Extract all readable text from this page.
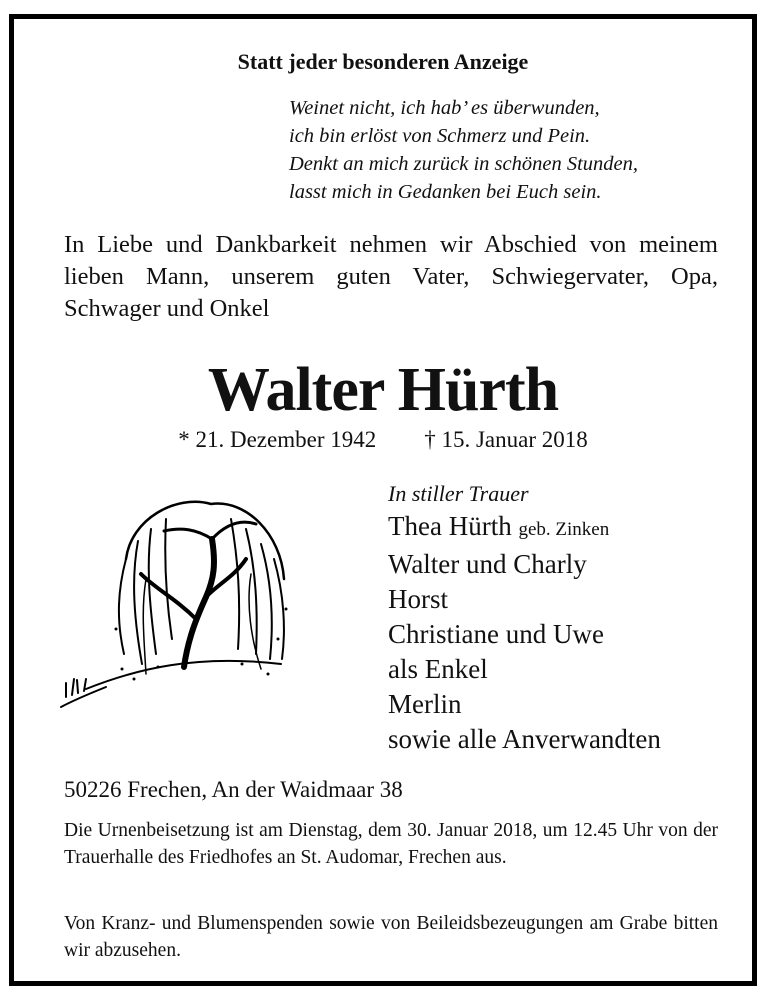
Statt jeder besonderen Anzeige
Weinet nicht, ich hab’ es überwunden,
ich bin erlöst von Schmerz und Pein.
Denkt an mich zurück in schönen Stunden,
lasst mich in Gedanken bei Euch sein.
In Liebe und Dankbarkeit nehmen wir Abschied von meinem lieben Mann, unserem guten Vater, Schwiegervater, Opa, Schwager und Onkel
Walter Hürth
* 21. Dezember 1942 † 15. Januar 2018
In stiller Trauer
Thea Hürth geb. Zinken
Walter und Charly
Horst
Christiane und Uwe
als Enkel
Merlin
sowie alle Anverwandten
50226 Frechen, An der Waidmaar 38
Die Urnenbeisetzung ist am Dienstag, dem 30. Januar 2018, um 12.45 Uhr von der Trauerhalle des Friedhofes an St. Audomar, Frechen aus.
Von Kranz- und Blumenspenden sowie von Beileidsbezeugungen am Grabe bitten wir abzusehen.
